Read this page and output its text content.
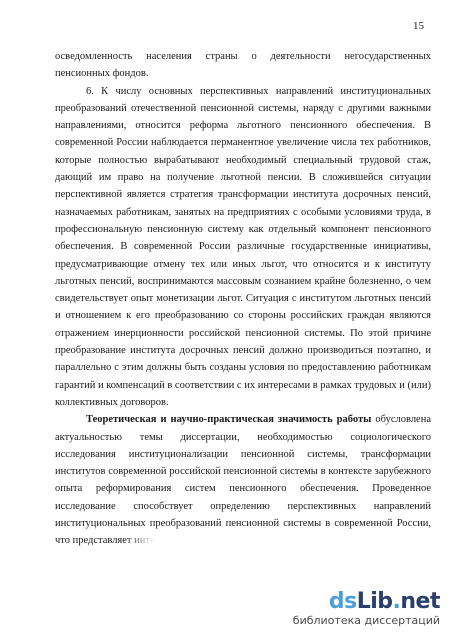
15

осведомленность населения страны о деятельности негосударственных пенсионных фондов.

6. К числу основных перспективных направлений институциональных преобразований отечественной пенсионной системы, наряду с другими важными направлениями, относится реформа льготного пенсионного обеспечения. В современной России наблюдается перманентное увеличение числа тех работников, которые полностью вырабатывают необходимый специальный трудовой стаж, дающий им право на получение льготной пенсии. В сложившейся ситуации перспективной является стратегия трансформации института досрочных пенсий, назначаемых работникам, занятых на предприятиях с особыми условиями труда, в профессиональную пенсионную систему как отдельный компонент пенсионного обеспечения. В современной России различные государственные инициативы, предусматривающие отмену тех или иных льгот, что относится и к институту льготных пенсий, воспринимаются массовым сознанием крайне болезненно, о чем свидетельствует опыт монетизации льгот. Ситуация с институтом льготных пенсий и отношением к его преобразованию со стороны российских граждан являются отражением инерционности российской пенсионной системы. По этой причине преобразование института досрочных пенсий должно производиться поэтапно, и параллельно с этим должны быть созданы условия по предоставлению работникам гарантий и компенсаций в соответствии с их интересами в рамках трудовых и (или) коллективных договоров.

Теоретическая и научно-практическая значимость работы обусловлена актуальностью темы диссертации, необходимостью социологического исследования институционализации пенсионной системы, трансформации институтов современной российской пенсионной системы в контексте зарубежного опыта реформирования систем пенсионного обеспечения. Проведенное исследование способствует определению перспективных направлений институциональных преобразований пенсионной системы в современной России, что представляет инте

dsLib.net
библиотека диссертаций
